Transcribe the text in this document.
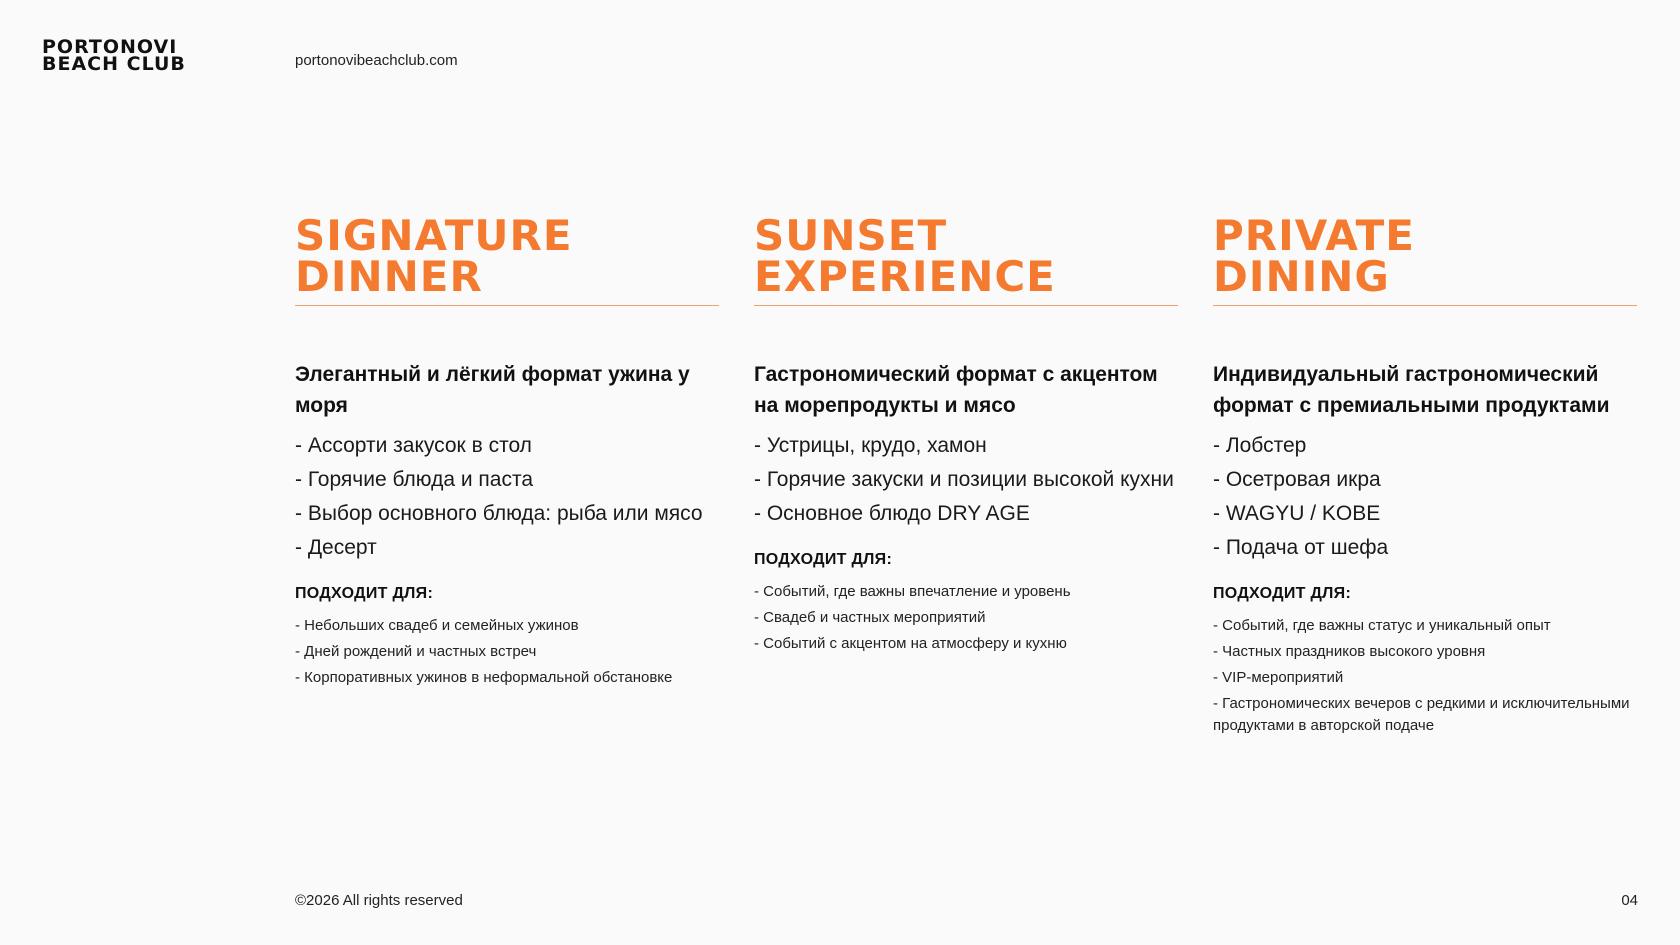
PORTONOVI
BEACH CLUB	portonovibeachclub.com
SIGNATURE
DINNER
Элегантный и лёгкий формат ужина у моря
- Ассорти закусок в стол
- Горячие блюда и паста
- Выбор основного блюда: рыба или мясо
- Десерт
ПОДХОДИТ ДЛЯ:
- Небольших свадеб и семейных ужинов
- Дней рождений и частных встреч
- Корпоративных ужинов в неформальной обстановке
SUNSET
EXPERIENCE
Гастрономический формат с акцентом на морепродукты и мясо
- Устрицы, крудо, хамон
- Горячие закуски и позиции высокой кухни
- Основное блюдо DRY AGE
ПОДХОДИТ ДЛЯ:
- Событий, где важны впечатление и уровень
- Свадеб и частных мероприятий
- Событий с акцентом на атмосферу и кухню
PRIVATE
DINING
Индивидуальный гастрономический формат с премиальными продуктами
- Лобстер
- Осетровая икра
- WAGYU / KOBE
- Подача от шефа
ПОДХОДИТ ДЛЯ:
- Событий, где важны статус и уникальный опыт
- Частных праздников высокого уровня
- VIP-мероприятий
- Гастрономических вечеров с редкими и исключительными продуктами в авторской подаче
©2026 All rights reserved	04
